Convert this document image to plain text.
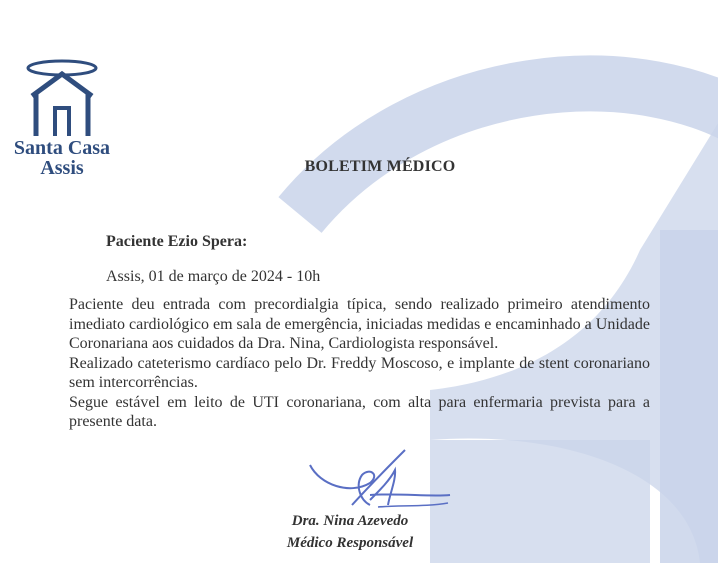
Santa Casa
Assis	BOLETIM MÉDICO
Paciente Ezio Spera:
Assis, 01 de março de 2024 - 10h

Paciente deu entrada com precordialgia típica, sendo realizado primeiro atendimento imediato cardiológico em sala de emergência, iniciadas medidas e encaminhado a Unidade Coronariana aos cuidados da Dra. Nina, Cardiologista responsável.

Realizado cateterismo cardíaco pelo Dr. Freddy Moscoso, e implante de stent coronariano sem intercorrências.

Segue estável em leito de UTI coronariana, com alta para enfermaria prevista para a presente data.

Dra. Nina Azevedo
Médico Responsável
